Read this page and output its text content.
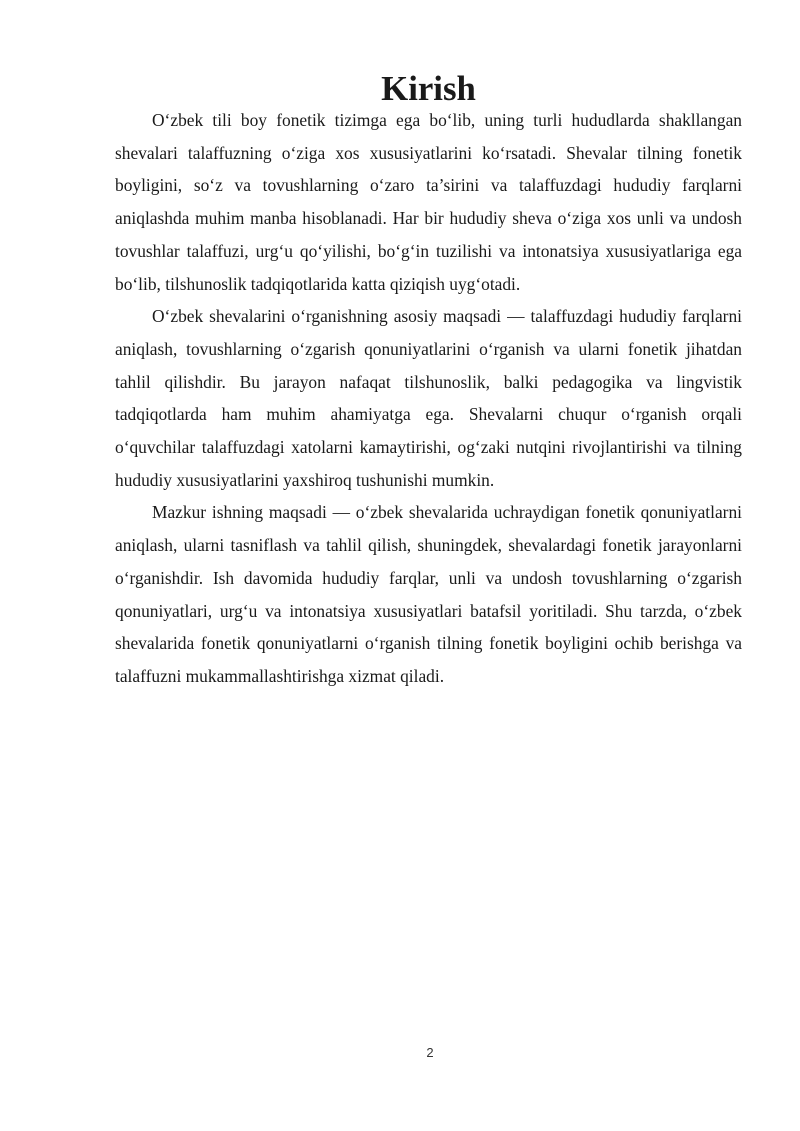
Kirish

O‘zbek tili boy fonetik tizimga ega bo‘lib, uning turli hududlarda shakllangan shevalari talaffuzning o‘ziga xos xususiyatlarini ko‘rsatadi. Shevalar tilning fonetik boyligini, so‘z va tovushlarning o‘zaro ta’sirini va talaffuzdagi hududiy farqlarni aniqlashda muhim manba hisoblanadi. Har bir hududiy sheva o‘ziga xos unli va undosh tovushlar talaffuzi, urg‘u qo‘yilishi, bo‘g‘in tuzilishi va intonatsiya xususiyatlariga ega bo‘lib, tilshunoslik tadqiqotlarida katta qiziqish uyg‘otadi.

O‘zbek shevalarini o‘rganishning asosiy maqsadi — talaffuzdagi hududiy farqlarni aniqlash, tovushlarning o‘zgarish qonuniyatlarini o‘rganish va ularni fonetik jihatdan tahlil qilishdir. Bu jarayon nafaqat tilshunoslik, balki pedagogika va lingvistik tadqiqotlarda ham muhim ahamiyatga ega. Shevalarni chuqur o‘rganish orqali o‘quvchilar talaffuzdagi xatolarni kamaytirishi, og‘zaki nutqini rivojlantirishi va tilning hududiy xususiyatlarini yaxshiroq tushunishi mumkin.

Mazkur ishning maqsadi — o‘zbek shevalarida uchraydigan fonetik qonuniyatlarni aniqlash, ularni tasniflash va tahlil qilish, shuningdek, shevalardagi fonetik jarayonlarni o‘rganishdir. Ish davomida hududiy farqlar, unli va undosh tovushlarning o‘zgarish qonuniyatlari, urg‘u va intonatsiya xususiyatlari batafsil yoritiladi. Shu tarzda, o‘zbek shevalarida fonetik qonuniyatlarni o‘rganish tilning fonetik boyligini ochib berishga va talaffuzni mukammallashtirishga xizmat qiladi.

2
